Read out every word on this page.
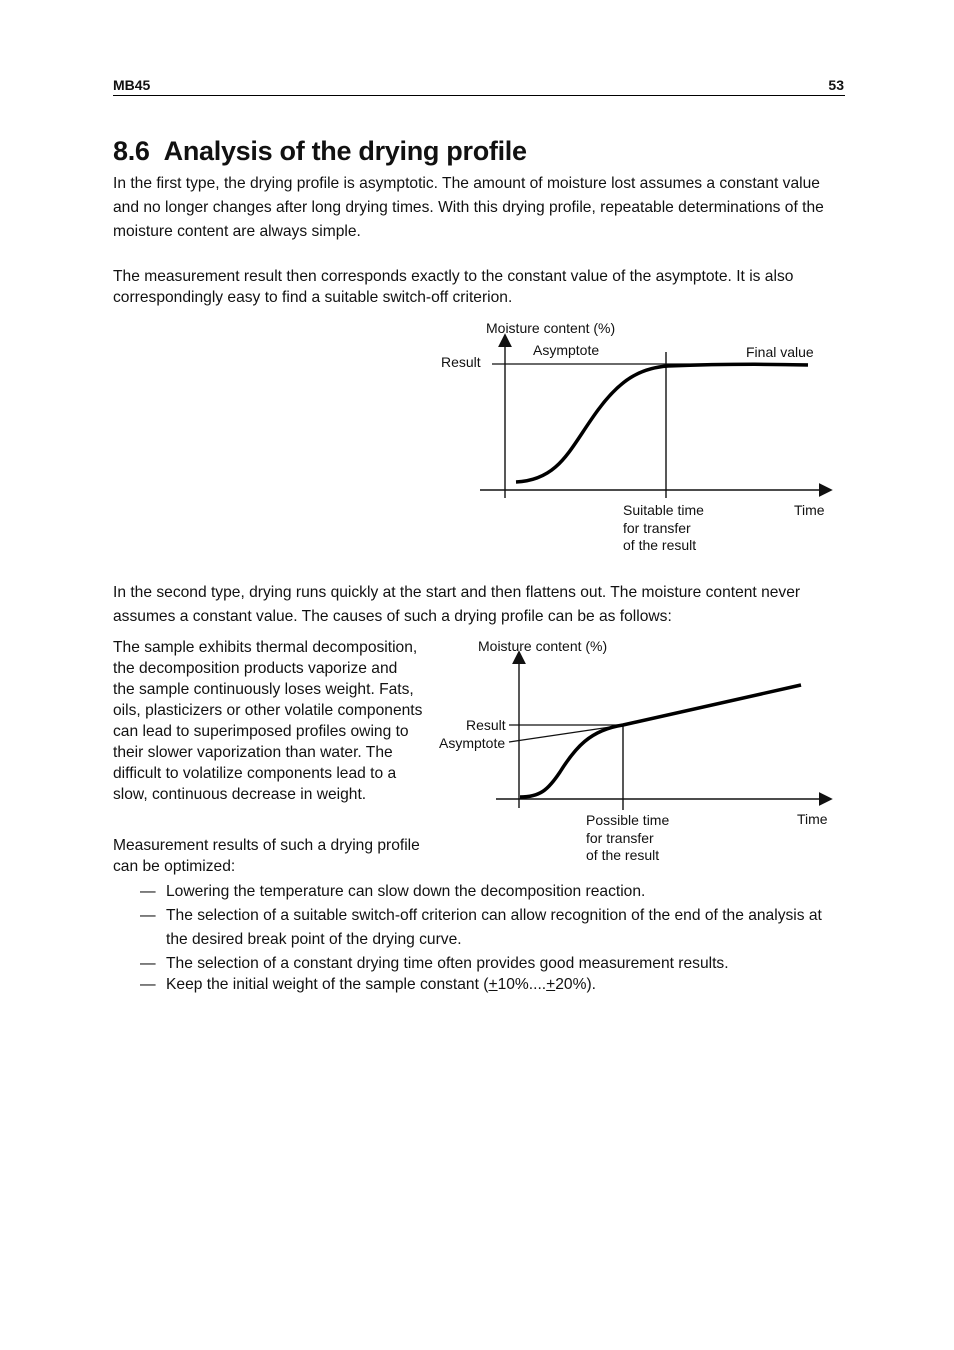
MB45	53
8.6 Analysis of the drying profile

In the first type, the drying profile is asymptotic. The amount of moisture lost assumes a constant value and no longer changes after long drying times. With this drying profile, repeatable determinations of the moisture content are always simple.

The measurement result then corresponds exactly to the constant value of the asymptote. It is also correspondingly easy to find a suitable switch-off criterion.

Moisture content (%)
Asymptote	Final value
Result
Time
Suitable time
for transfer
of the result
Moisture content (%)
Result
Asymptote
Time
Possible time
for transfer
of the result

In the second type, drying runs quickly at the start and then flattens out. The moisture content never assumes a constant value. The causes of such a drying profile can be as follows:

The sample exhibits thermal decomposition, the decomposition products vaporize and the sample continuously loses weight. Fats, oils, plasticizers or other volatile components can lead to superimposed profiles owing to their slower vaporization than water. The difficult to volatilize components lead to a slow, continuous decrease in weight.

Measurement results of such a drying profile can be optimized:

— Lowering the temperature can slow down the decomposition reaction.
— The selection of a suitable switch-off criterion can allow recognition of the end of the analysis at the desired break point of the drying curve.
— The selection of a constant drying time often provides good measurement results.
— Keep the initial weight of the sample constant (+10%....+20%).
